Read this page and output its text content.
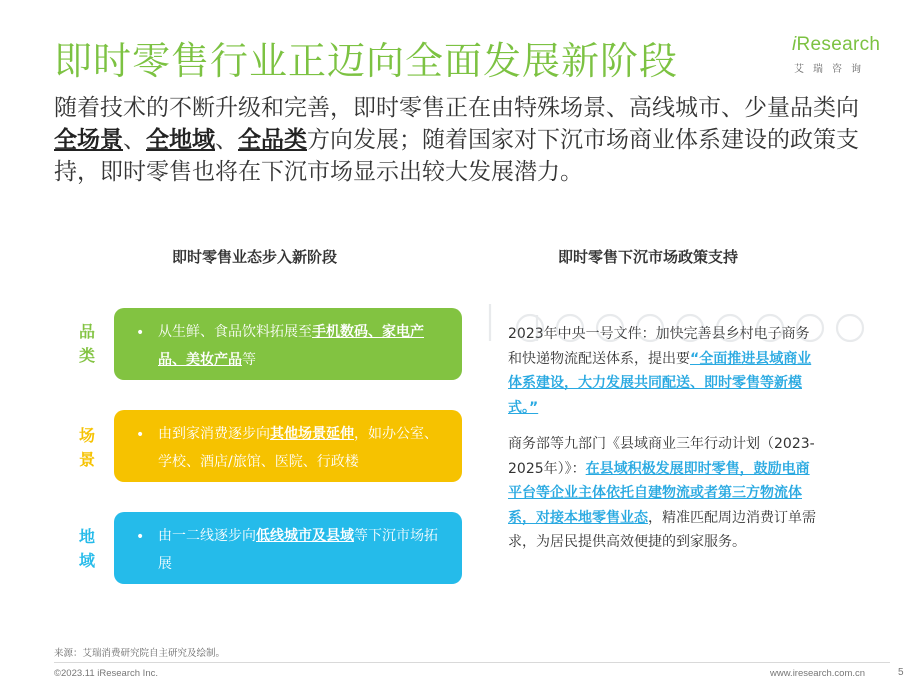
即时零售行业正迈向全面发展新阶段	iResearch
艾瑞咨询
随着技术的不断升级和完善，即时零售正在由特殊场景、高线城市、少量品类向全场景、全地域、全品类方向发展；随着国家对下沉市场商业体系建设的政策支持，即时零售也将在下沉市场显示出较大发展潜力。
即时零售业态步入新阶段	即时零售下沉市场政策支持
品
类
• 从生鲜、食品饮料拓展至手机数码、家电产品、美妆产品等
场
景
• 由到家消费逐步向其他场景延伸，如办公室、学校、酒店/旅馆、医院、行政楼
地
域
• 由一二线逐步向低线城市及县域等下沉市场拓展
2023年中央一号文件：加快完善县乡村电子商务和快递物流配送体系，提出要“全面推进县域商业体系建设，大力发展共同配送、即时零售等新模式。”
商务部等九部门《县域商业三年行动计划（2023-2025年）》：在县域积极发展即时零售，鼓励电商平台等企业主体依托自建物流或者第三方物流体系，对接本地零售业态，精准匹配周边消费订单需求，为居民提供高效便捷的到家服务。
来源：艾瑞消费研究院自主研究及绘制。
©2023.11 iResearch Inc.	www.iresearch.com.cn	5
